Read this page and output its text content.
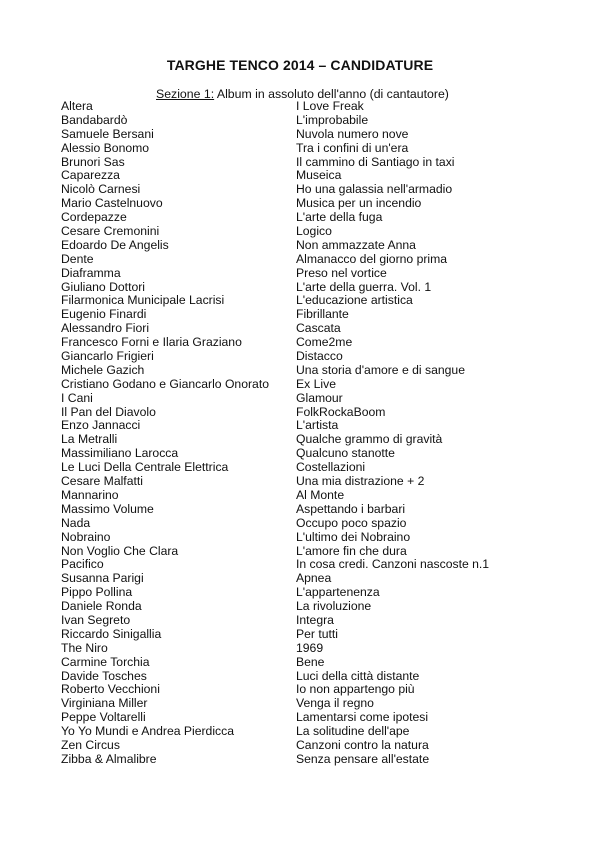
TARGHE TENCO 2014 – CANDIDATURE
Sezione 1: Album in assoluto dell'anno (di cantautore)
Altera	I Love Freak
Bandabardò	L'improbabile
Samuele Bersani	Nuvola numero nove
Alessio Bonomo	Tra i confini di un'era
Brunori Sas	Il cammino di Santiago in taxi
Caparezza	Museica
Nicolò Carnesi	Ho una galassia nell'armadio
Mario Castelnuovo	Musica per un incendio
Cordepazze	L'arte della fuga
Cesare Cremonini	Logico
Edoardo De Angelis	Non ammazzate Anna
Dente	Almanacco del giorno prima
Diaframma	Preso nel vortice
Giuliano Dottori	L'arte della guerra. Vol. 1
Filarmonica Municipale Lacrisi	L'educazione artistica
Eugenio Finardi	Fibrillante
Alessandro Fiori	Cascata
Francesco Forni e Ilaria Graziano	Come2me
Giancarlo Frigieri	Distacco
Michele Gazich	Una storia d'amore e di sangue
Cristiano Godano e Giancarlo Onorato	Ex Live
I Cani	Glamour
Il Pan del Diavolo	FolkRockaBoom
Enzo Jannacci	L'artista
La Metralli	Qualche grammo di gravità
Massimiliano Larocca	Qualcuno stanotte
Le Luci Della Centrale Elettrica	Costellazioni
Cesare Malfatti	Una mia distrazione + 2
Mannarino	Al Monte
Massimo Volume	Aspettando i barbari
Nada	Occupo poco spazio
Nobraino	L'ultimo dei Nobraino
Non Voglio Che Clara	L'amore fin che dura
Pacifico	In cosa credi. Canzoni nascoste n.1
Susanna Parigi	Apnea
Pippo Pollina	L'appartenenza
Daniele Ronda	La rivoluzione
Ivan Segreto	Integra
Riccardo Sinigallia	Per tutti
The Niro	1969
Carmine Torchia	Bene
Davide Tosches	Luci della città distante
Roberto Vecchioni	Io non appartengo più
Virginiana Miller	Venga il regno
Peppe Voltarelli	Lamentarsi come ipotesi
Yo Yo Mundi e Andrea Pierdicca	La solitudine dell'ape
Zen Circus	Canzoni contro la natura
Zibba & Almalibre	Senza pensare all'estate
